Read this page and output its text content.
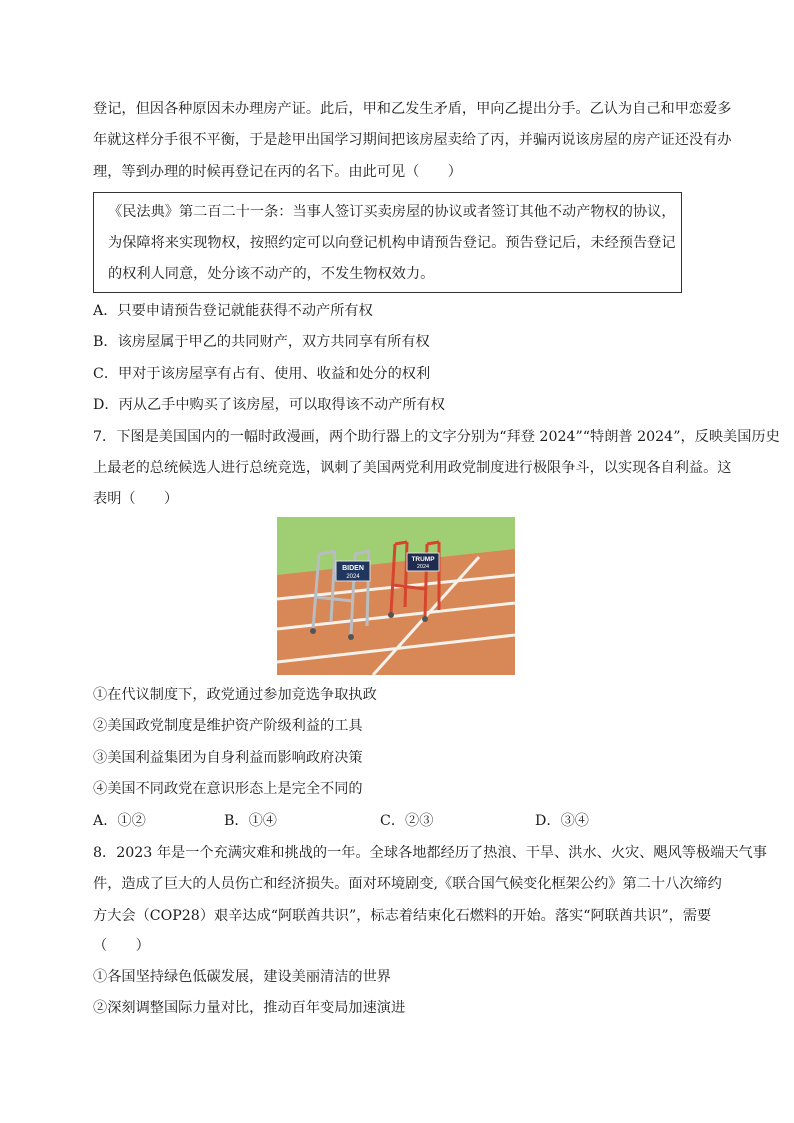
登记，但因各种原因未办理房产证。此后，甲和乙发生矛盾，甲向乙提出分手。乙认为自己和甲恋爱多
年就这样分手很不平衡，于是趁甲出国学习期间把该房屋卖给了丙，并骗丙说该房屋的房产证还没有办
理，等到办理的时候再登记在丙的名下。由此可见（　　）
《民法典》第二百二十一条：当事人签订买卖房屋的协议或者签订其他不动产物权的协议，
为保障将来实现物权，按照约定可以向登记机构申请预告登记。预告登记后，未经预告登记
的权利人同意，处分该不动产的，不发生物权效力。
A．只要申请预告登记就能获得不动产所有权
B．该房屋属于甲乙的共同财产，双方共同享有所有权
C．甲对于该房屋享有占有、使用、收益和处分的权利
D．丙从乙手中购买了该房屋，可以取得该不动产所有权
7．下图是美国国内的一幅时政漫画，两个助行器上的文字分别为“拜登 2024”“特朗普 2024”，反映美国历史
上最老的总统候选人进行总统竞选，讽刺了美国两党利用政党制度进行极限争斗，以实现各自利益。这
表明（　　）
BIDEN
2024
TRUMP
2024
①在代议制度下，政党通过参加竞选争取执政
②美国政党制度是维护资产阶级利益的工具
③美国利益集团为自身利益而影响政府决策
④美国不同政党在意识形态上是完全不同的
A．①②	B．①④	C．②③	D．③④
8．2023 年是一个充满灾难和挑战的一年。全球各地都经历了热浪、干旱、洪水、火灾、飓风等极端天气事
件，造成了巨大的人员伤亡和经济损失。面对环境剧变,《联合国气候变化框架公约》第二十八次缔约
方大会（COP28）艰辛达成“阿联酋共识”，标志着结束化石燃料的开始。落实“阿联酋共识”，需要
（　　）
①各国坚持绿色低碳发展，建设美丽清洁的世界
②深刻调整国际力量对比，推动百年变局加速演进
